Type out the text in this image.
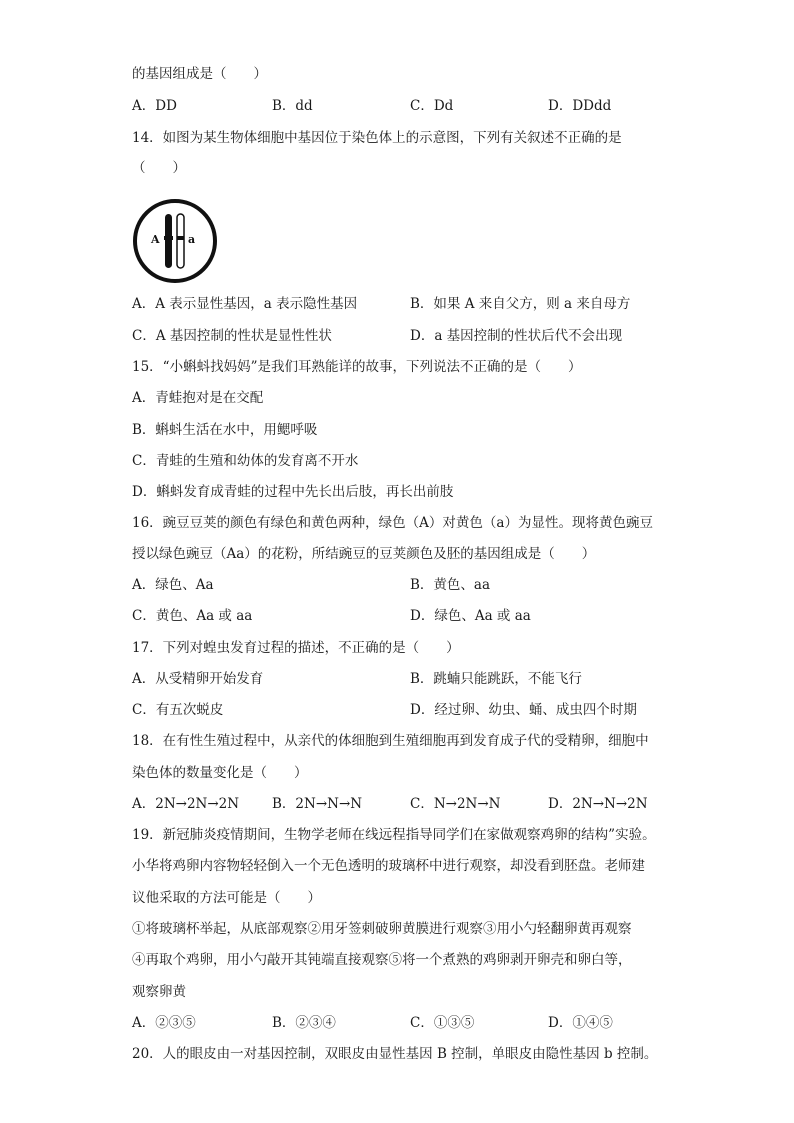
的基因组成是（　　）
A．DD	B．dd	C．Dd	D．DDdd
14．如图为某生物体细胞中基因位于染色体上的示意图，下列有关叙述不正确的是
（　　）
A	a
A．A 表示显性基因，a 表示隐性基因	B．如果 A 来自父方，则 a 来自母方
C．A 基因控制的性状是显性性状	D．a 基因控制的性状后代不会出现
15．“小蝌蚪找妈妈”是我们耳熟能详的故事，下列说法不正确的是（　　）
A．青蛙抱对是在交配
B．蝌蚪生活在水中，用鳃呼吸
C．青蛙的生殖和幼体的发育离不开水
D．蝌蚪发育成青蛙的过程中先长出后肢，再长出前肢
16．豌豆豆荚的颜色有绿色和黄色两种，绿色（A）对黄色（a）为显性。现将黄色豌豆
授以绿色豌豆（Aa）的花粉，所结豌豆的豆荚颜色及胚的基因组成是（　　）
A．绿色、Aa	B．黄色、aa
C．黄色、Aa 或 aa	D．绿色、Aa 或 aa
17．下列对蝗虫发育过程的描述，不正确的是（　　）
A．从受精卵开始发育	B．跳蝻只能跳跃，不能飞行
C．有五次蜕皮	D．经过卵、幼虫、蛹、成虫四个时期
18．在有性生殖过程中，从亲代的体细胞到生殖细胞再到发育成子代的受精卵，细胞中
染色体的数量变化是（　　）
A．2N→2N→2N B．2N→N→N	C．N→2N→N	D．2N→N→2N
19．新冠肺炎疫情期间，生物学老师在线远程指导同学们在家做观察鸡卵的结构”实验。
小华将鸡卵内容物轻轻倒入一个无色透明的玻璃杯中进行观察，却没看到胚盘。老师建
议他采取的方法可能是（　　）
①将玻璃杯举起，从底部观察②用牙签刺破卵黄膜进行观察③用小勺轻翻卵黄再观察
④再取个鸡卵，用小勺敲开其钝端直接观察⑤将一个煮熟的鸡卵剥开卵壳和卵白等，
观察卵黄
A．②③⑤	B．②③④	C．①③⑤	D．①④⑤
20．人的眼皮由一对基因控制，双眼皮由显性基因 B 控制，单眼皮由隐性基因 b 控制。
